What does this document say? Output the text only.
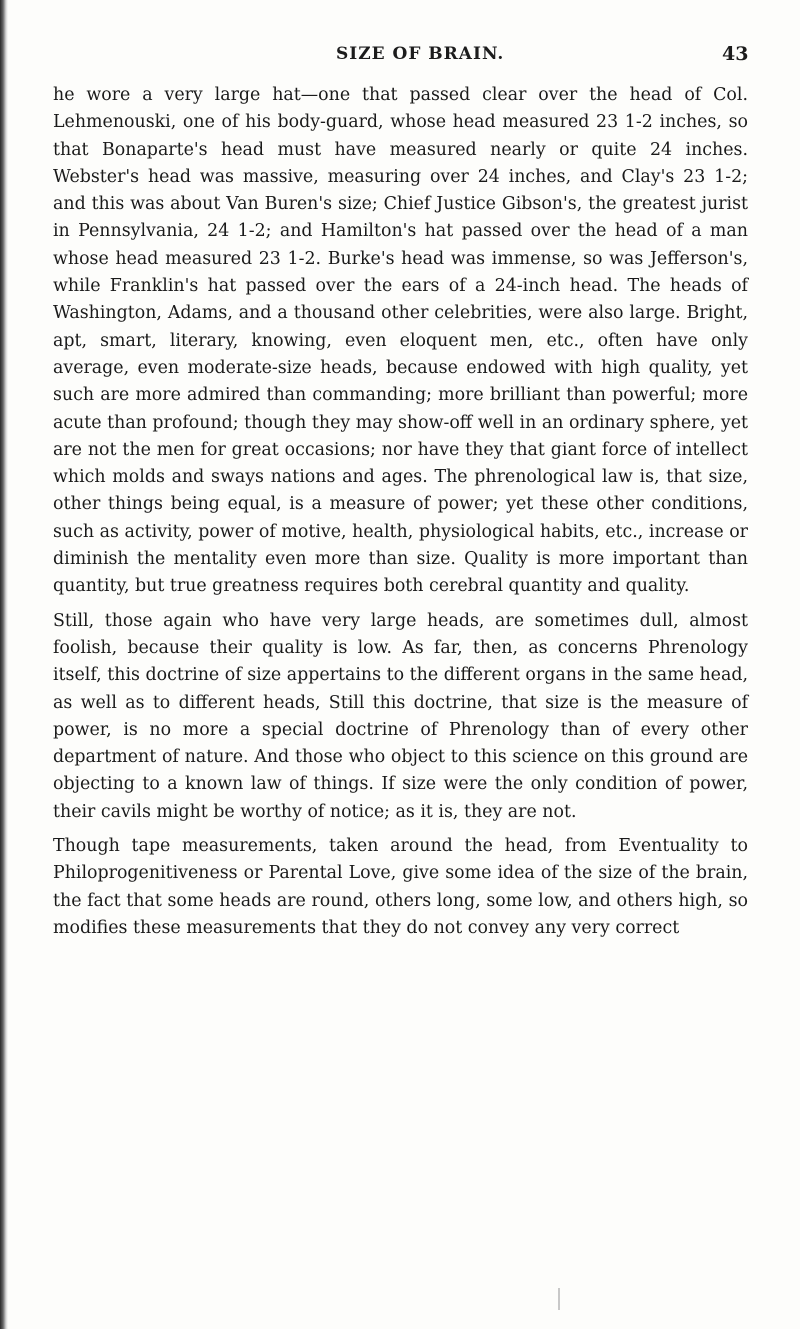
SIZE OF BRAIN.	43

he wore a very large hat—one that passed clear over the head of Col. Lehmenouski, one of his body-guard, whose head measured 23 1-2 inches, so that Bonaparte's head must have measured nearly or quite 24 inches. Webster's head was massive, measuring over 24 inches, and Clay's 23 1-2; and this was about Van Buren's size; Chief Justice Gibson's, the greatest jurist in Pennsylvania, 24 1-2; and Hamilton's hat passed over the head of a man whose head measured 23 1-2. Burke's head was immense, so was Jefferson's, while Franklin's hat passed over the ears of a 24-inch head. The heads of Washington, Adams, and a thousand other celebrities, were also large. Bright, apt, smart, literary, knowing, even eloquent men, etc., often have only average, even moderate-size heads, because endowed with high quality, yet such are more admired than commanding; more brilliant than powerful; more acute than profound; though they may show-off well in an ordinary sphere, yet are not the men for great occasions; nor have they that giant force of intellect which molds and sways nations and ages. The phrenological law is, that size, other things being equal, is a measure of power; yet these other conditions, such as activity, power of motive, health, physiological habits, etc., increase or diminish the mentality even more than size. Quality is more important than quantity, but true greatness requires both cerebral quantity and quality.

Still, those again who have very large heads, are sometimes dull, almost foolish, because their quality is low. As far, then, as concerns Phrenology itself, this doctrine of size appertains to the different organs in the same head, as well as to different heads, Still this doctrine, that size is the measure of power, is no more a special doctrine of Phrenology than of every other department of nature. And those who object to this science on this ground are objecting to a known law of things. If size were the only condition of power, their cavils might be worthy of notice; as it is, they are not.

Though tape measurements, taken around the head, from Eventuality to Philoprogenitiveness or Parental Love, give some idea of the size of the brain, the fact that some heads are round, others long, some low, and others high, so modifies these measurements that they do not convey any very correct
